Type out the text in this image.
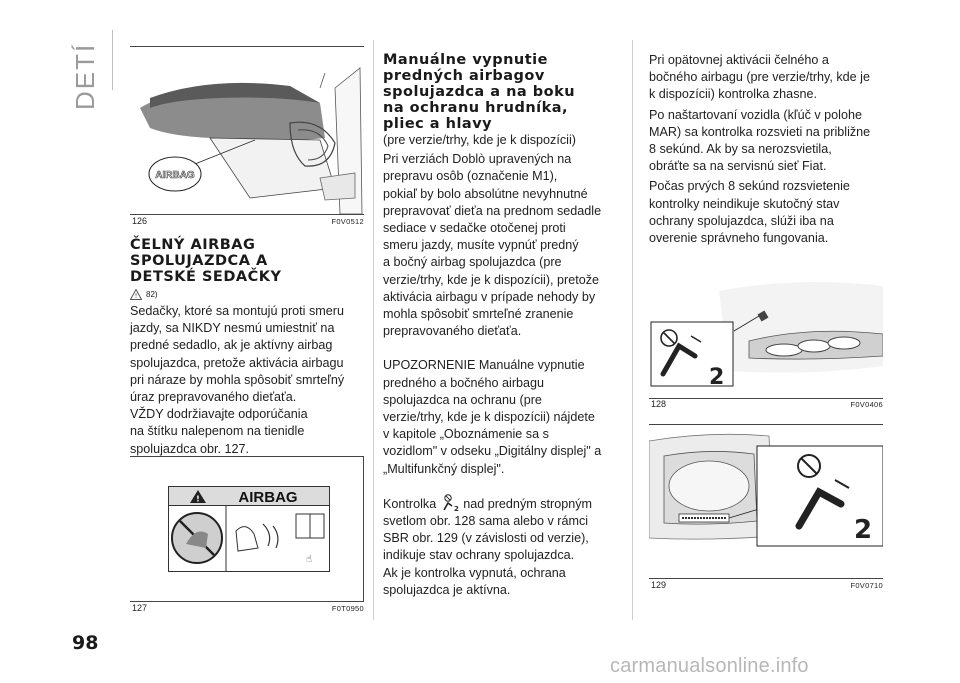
DETÍ
AIRBAG
126	F0V0512
ČELNÝ AIRBAG
SPOLUJAZDCA A
DETSKÉ SEDAČKY
! 82)

Sedačky, ktoré sa montujú proti smeru
jazdy, sa NIKDY nesmú umiestniť na
predné sedadlo, ak je aktívny airbag
spolujazdca, pretože aktivácia airbagu
pri náraze by mohla spôsobiť smrteľný
úraz prepravovaného dieťaťa.

VŽDY dodržiavajte odporúčania
na štítku nalepenom na tienidle
spolujazdca obr. 127.

!	AIRBAG
☝
127	F0T0950
Manuálne vypnutie
predných airbagov
spolujazdca a na boku
na ochranu hrudníka,
pliec a hlavy

(pre verzie/trhy, kde je k dispozícii)

Pri verziách Doblò upravených na
prepravu osôb (označenie M1),
pokiaľ by bolo absolútne nevyhnutné
prepravovať dieťa na prednom sedadle
sediace v sedačke otočenej proti
smeru jazdy, musíte vypnúť predný
a bočný airbag spolujazdca (pre
verzie/trhy, kde je k dispozícii), pretože
aktivácia airbagu v prípade nehody by
mohla spôsobiť smrteľné zranenie
prepravovaného dieťaťa.

UPOZORNENIE Manuálne vypnutie
predného a bočného airbagu
spolujazdca na ochranu (pre
verzie/trhy, kde je k dispozícii) nájdete
v kapitole „Oboznámenie sa s
vozidlom" v odseku „Digitálny displej" a
„Multifunkčný displej".

Kontrolka	2 nad predným stropným
svetlom obr. 128 sama alebo v rámci
SBR obr. 129 (v závislosti od verzie),
indikuje stav ochrany spolujazdca.
Ak je kontrolka vypnutá, ochrana
spolujazdca je aktívna.

Pri opätovnej aktivácii čelného a
bočného airbagu (pre verzie/trhy, kde je
k dispozícii) kontrolka zhasne.

Po naštartovaní vozidla (kľúč v polohe
MAR) sa kontrolka rozsvieti na približne
8 sekúnd. Ak by sa nerozsvietila,
obráťte sa na servisnú sieť Fiat.

Počas prvých 8 sekúnd rozsvietenie
kontrolky neindikuje skutočný stav
ochrany spolujazdca, slúži iba na
overenie správneho fungovania.

2
128	F0V0406
2
129	F0V0710
98
carmanualsonline.info
